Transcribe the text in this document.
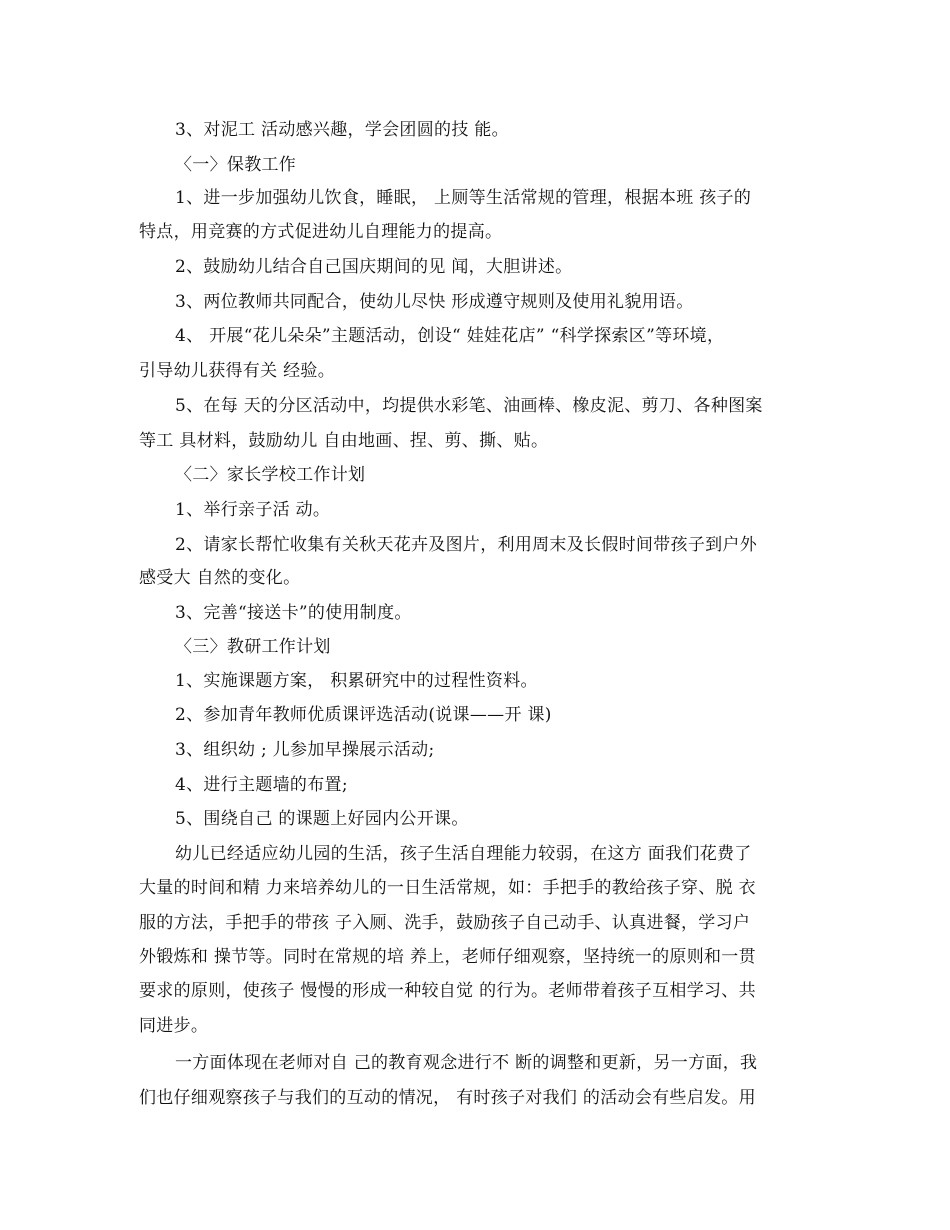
3、对泥工 活动感兴趣，学会团圆的技 能。
〈一〉保教工作
1、进一步加强幼儿饮食，睡眠， 上厕等生活常规的管理，根据本班 孩子的
特点，用竞赛的方式促进幼儿自理能力的提高。
2、鼓励幼儿结合自己国庆期间的见 闻，大胆讲述。
3、两位教师共同配合，使幼儿尽快 形成遵守规则及使用礼貌用语。
4、 开展“花儿朵朵”主题活动，创设“ 娃娃花店” “科学探索区”等环境，
引导幼儿获得有关 经验。
5、在每 天的分区活动中，均提供水彩笔、油画棒、橡皮泥、剪刀、各种图案
等工 具材料，鼓励幼儿 自由地画、捏、剪、撕、贴。
〈二〉家长学校工作计划
1、举行亲子活 动。
2、请家长帮忙收集有关秋天花卉及图片，利用周末及长假时间带孩子到户外
感受大 自然的变化。
3、完善“接送卡”的使用制度。
〈三〉教研工作计划
1、实施课题方案， 积累研究中的过程性资料。
2、参加青年教师优质课评选活动(说课——开 课)
3、组织幼 ; 儿参加早操展示活动;
4、进行主题墙的布置;
5、围绕自己 的课题上好园内公开课。
幼儿已经适应幼儿园的生活，孩子生活自理能力较弱，在这方 面我们花费了
大量的时间和精 力来培养幼儿的一日生活常规，如：手把手的教给孩子穿、脱 衣
服的方法，手把手的带孩 子入厕、洗手，鼓励孩子自己动手、认真进餐，学习户
外锻炼和 操节等。同时在常规的培 养上，老师仔细观察，坚持统一的原则和一贯
要求的原则，使孩子 慢慢的形成一种较自觉 的行为。老师带着孩子互相学习、共
同进步。
一方面体现在老师对自 己的教育观念进行不 断的调整和更新，另一方面，我
们也仔细观察孩子与我们的互动的情况， 有时孩子对我们 的活动会有些启发。用
